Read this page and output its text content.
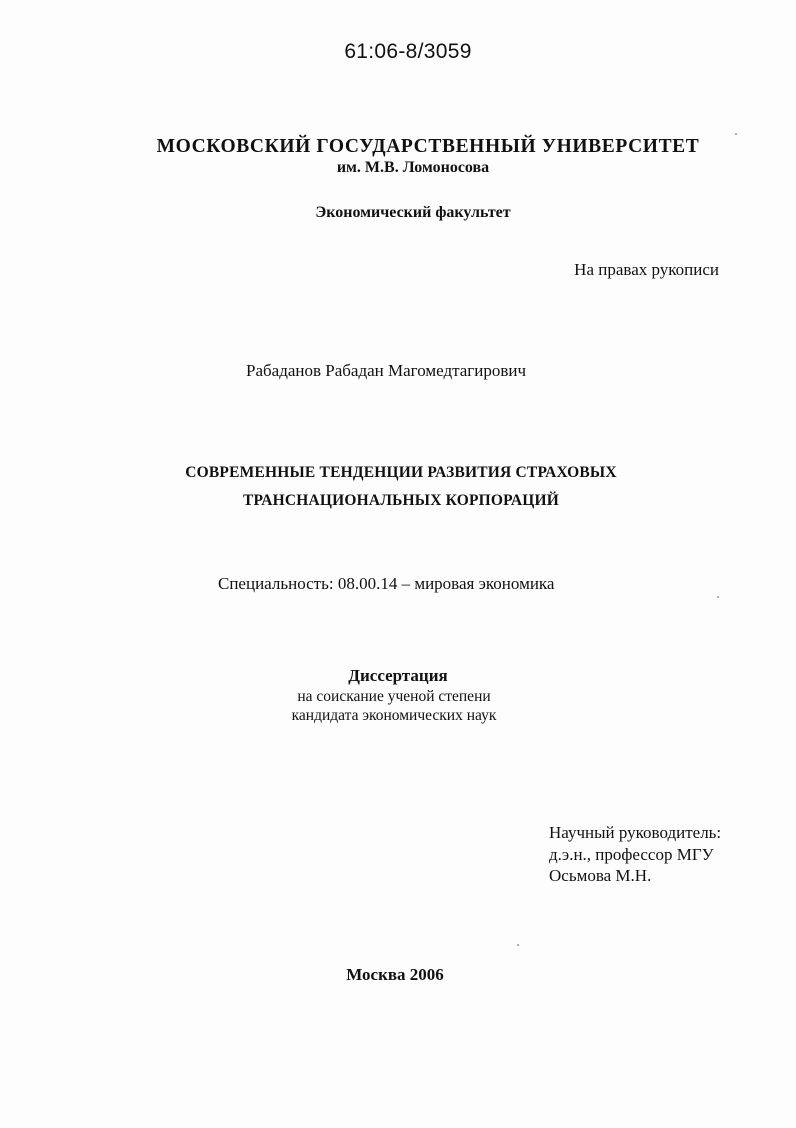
61:06-8/3059
МОСКОВСКИЙ ГОСУДАРСТВЕННЫЙ УНИВЕРСИТЕТ
им. М.В. Ломоносова
Экономический факультет
На правах рукописи
Рабаданов Рабадан Магомедтагирович
СОВРЕМЕННЫЕ ТЕНДЕНЦИИ РАЗВИТИЯ СТРАХОВЫХ
ТРАНСНАЦИОНАЛЬНЫХ КОРПОРАЦИЙ
Специальность: 08.00.14 – мировая экономика
Диссертация
на соискание ученой степени
кандидата экономических наук
Научный руководитель:
д.э.н., профессор МГУ
Осьмова М.Н.
Москва 2006
